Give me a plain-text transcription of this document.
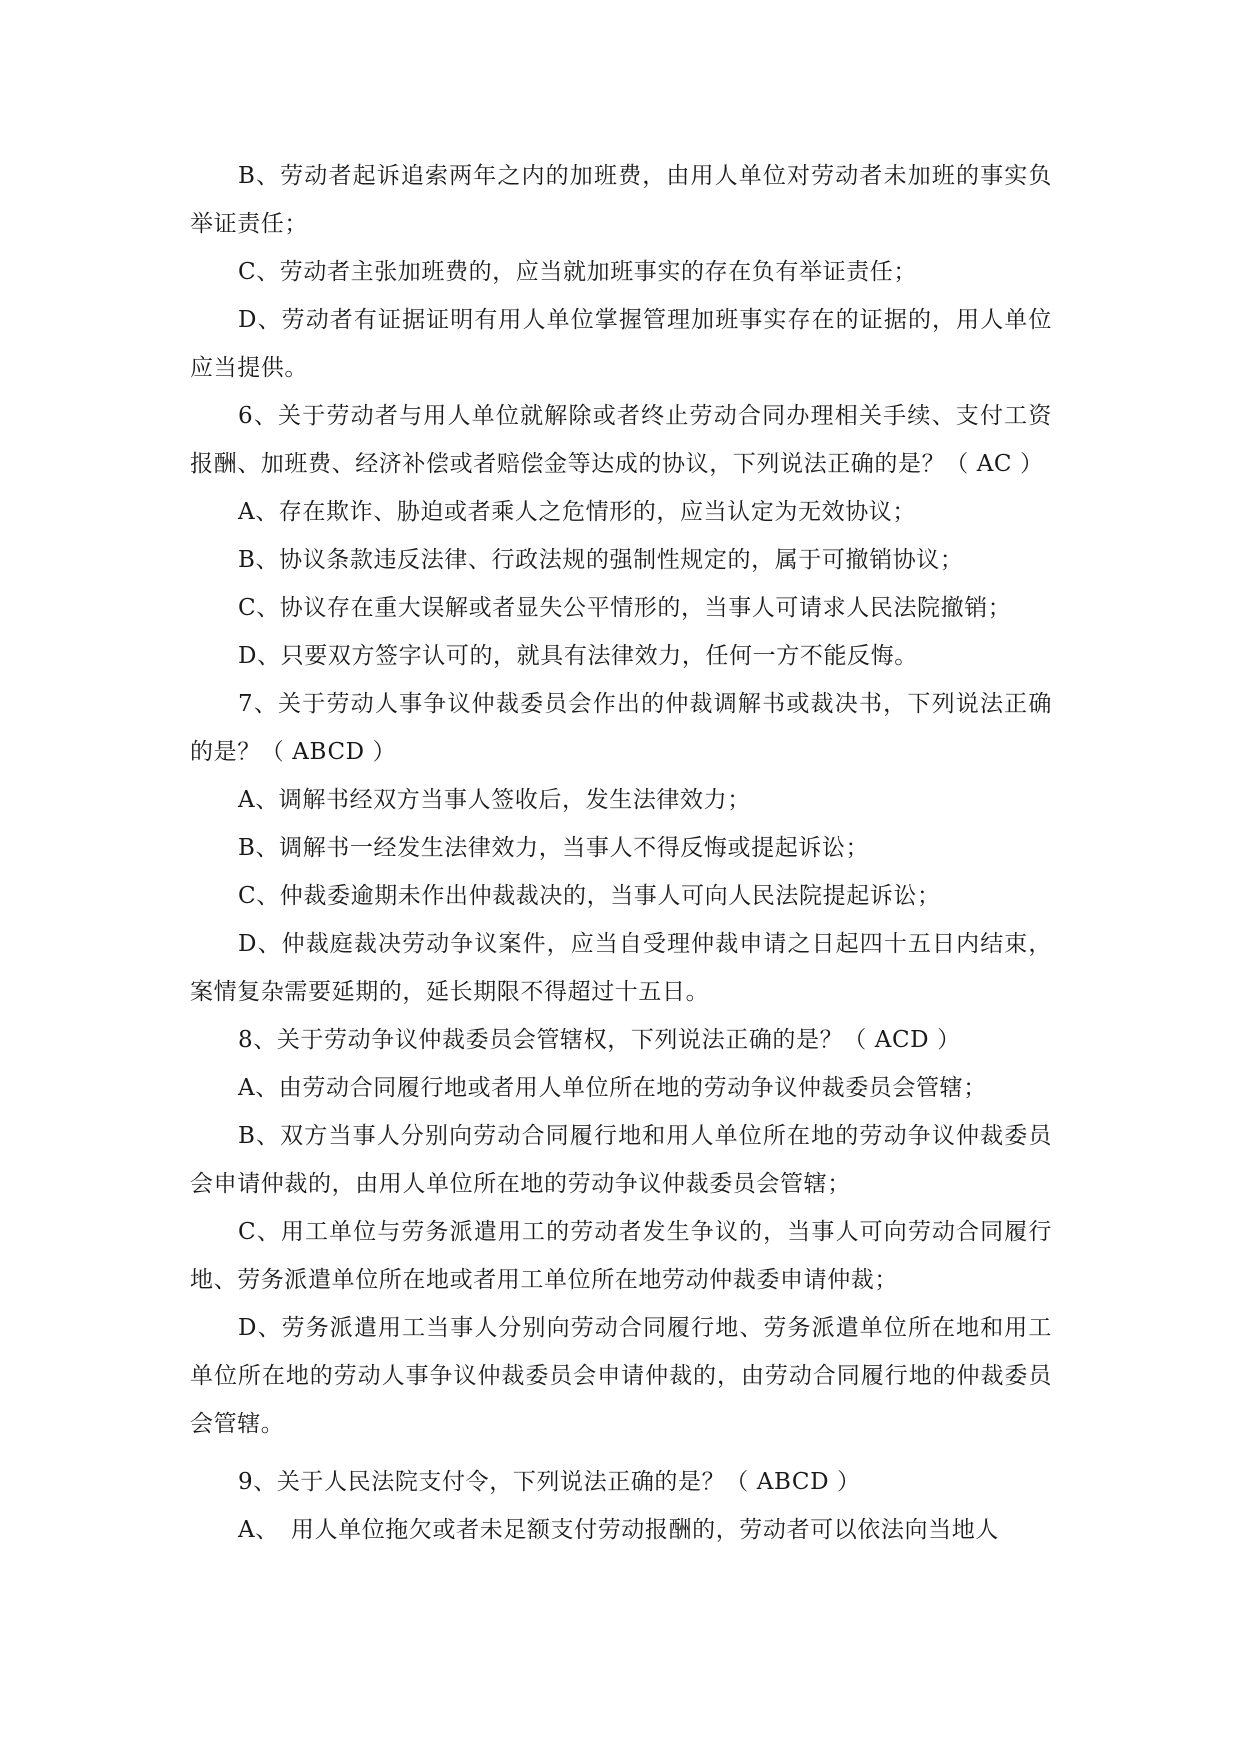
B、劳动者起诉追索两年之内的加班费，由用人单位对劳动者未加班的事实负举证责任；

C、劳动者主张加班费的，应当就加班事实的存在负有举证责任；

D、劳动者有证据证明有用人单位掌握管理加班事实存在的证据的，用人单位应当提供。

6、关于劳动者与用人单位就解除或者终止劳动合同办理相关手续、支付工资报酬、加班费、经济补偿或者赔偿金等达成的协议，下列说法正确的是？（ AC ）

A、存在欺诈、胁迫或者乘人之危情形的，应当认定为无效协议；

B、协议条款违反法律、行政法规的强制性规定的，属于可撤销协议；

C、协议存在重大误解或者显失公平情形的，当事人可请求人民法院撤销；

D、只要双方签字认可的，就具有法律效力，任何一方不能反悔。

7、关于劳动人事争议仲裁委员会作出的仲裁调解书或裁决书，下列说法正确的是？（ ABCD ）

A、调解书经双方当事人签收后，发生法律效力；

B、调解书一经发生法律效力，当事人不得反悔或提起诉讼；

C、仲裁委逾期未作出仲裁裁决的，当事人可向人民法院提起诉讼；

D、仲裁庭裁决劳动争议案件，应当自受理仲裁申请之日起四十五日内结束，案情复杂需要延期的，延长期限不得超过十五日。

8、关于劳动争议仲裁委员会管辖权，下列说法正确的是？（ ACD ）

A、由劳动合同履行地或者用人单位所在地的劳动争议仲裁委员会管辖；

B、双方当事人分别向劳动合同履行地和用人单位所在地的劳动争议仲裁委员会申请仲裁的，由用人单位所在地的劳动争议仲裁委员会管辖；

C、用工单位与劳务派遣用工的劳动者发生争议的，当事人可向劳动合同履行地、劳务派遣单位所在地或者用工单位所在地劳动仲裁委申请仲裁；

D、劳务派遣用工当事人分别向劳动合同履行地、劳务派遣单位所在地和用工单位所在地的劳动人事争议仲裁委员会申请仲裁的，由劳动合同履行地的仲裁委员会管辖。

9、关于人民法院支付令，下列说法正确的是？（ ABCD ）

A、　用人单位拖欠或者未足额支付劳动报酬的，劳动者可以依法向当地人
